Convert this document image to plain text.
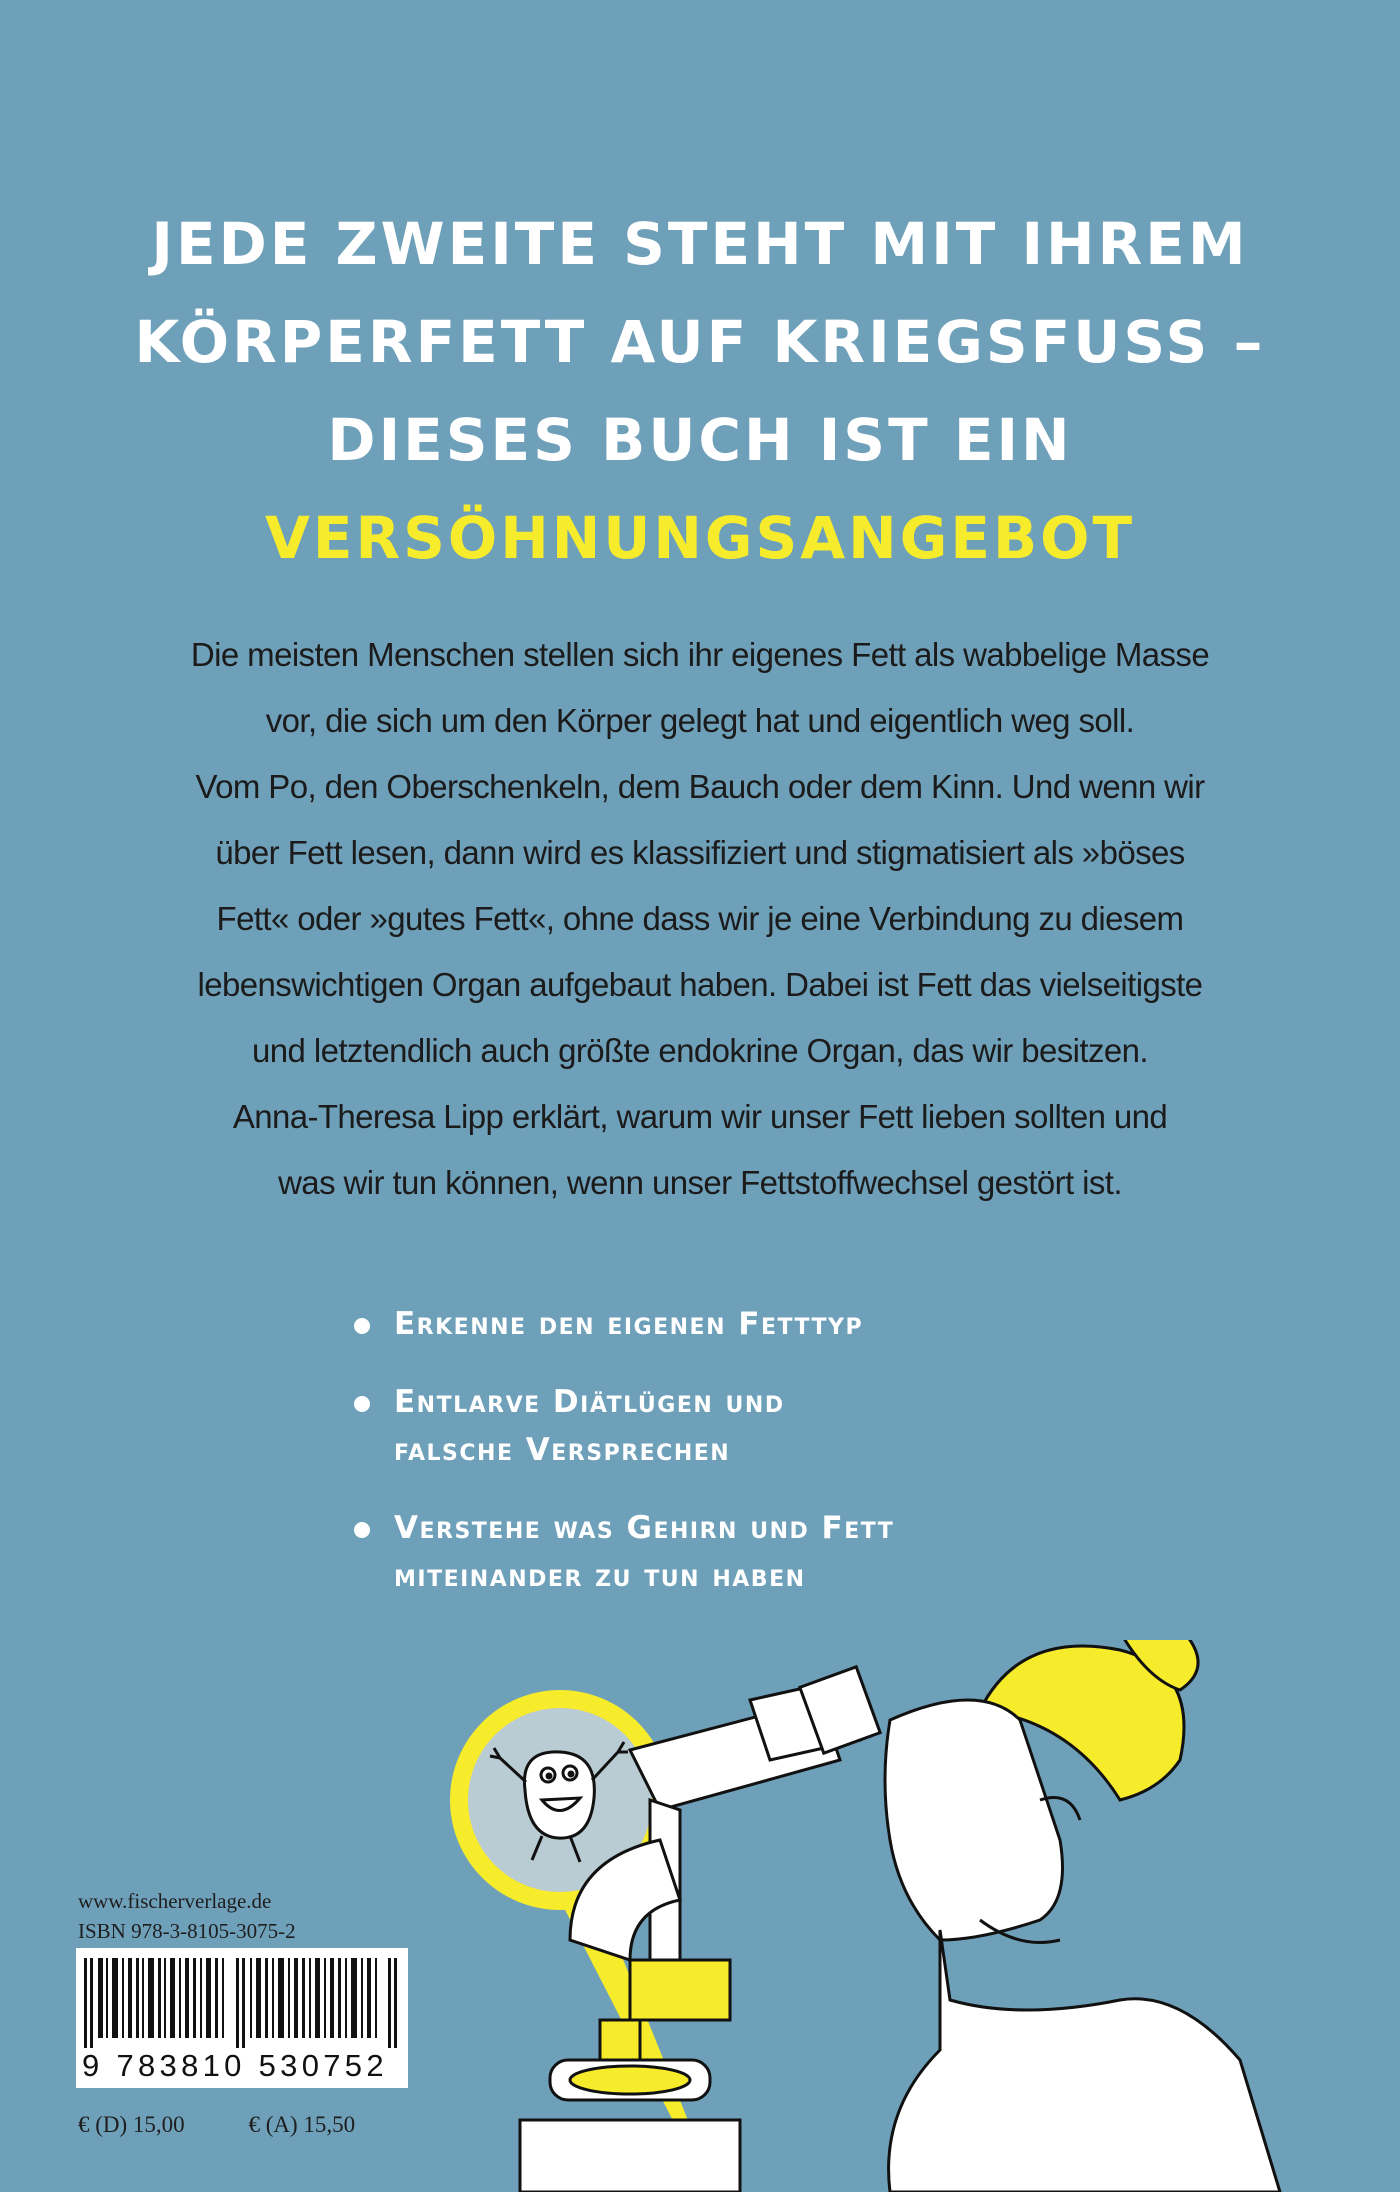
JEDE ZWEITE STEHT MIT IHREM
KÖRPERFETT AUF KRIEGSFUSS –
DIESES BUCH IST EIN
VERSÖHNUNGSANGEBOT
Die meisten Menschen stellen sich ihr eigenes Fett als wabbelige Masse
vor, die sich um den Körper gelegt hat und eigentlich weg soll.
Vom Po, den Oberschenkeln, dem Bauch oder dem Kinn. Und wenn wir
über Fett lesen, dann wird es klassifiziert und stigmatisiert als »böses
Fett« oder »gutes Fett«, ohne dass wir je eine Verbindung zu diesem
lebenswichtigen Organ aufgebaut haben. Dabei ist Fett das vielseitigste
und letztendlich auch größte endokrine Organ, das wir besitzen.
Anna-Theresa Lipp erklärt, warum wir unser Fett lieben sollten und
was wir tun können, wenn unser Fettstoffwechsel gestört ist.
Erkenne den eigenen Fetttyp
Entlarve Diätlügen und
falsche Versprechen
Verstehe was Gehirn und Fett
miteinander zu tun haben
www.fischerverlage.de
ISBN 978-3-8105-3075-2
9 783810 530752
€ (D) 15,00	€ (A) 15,50
